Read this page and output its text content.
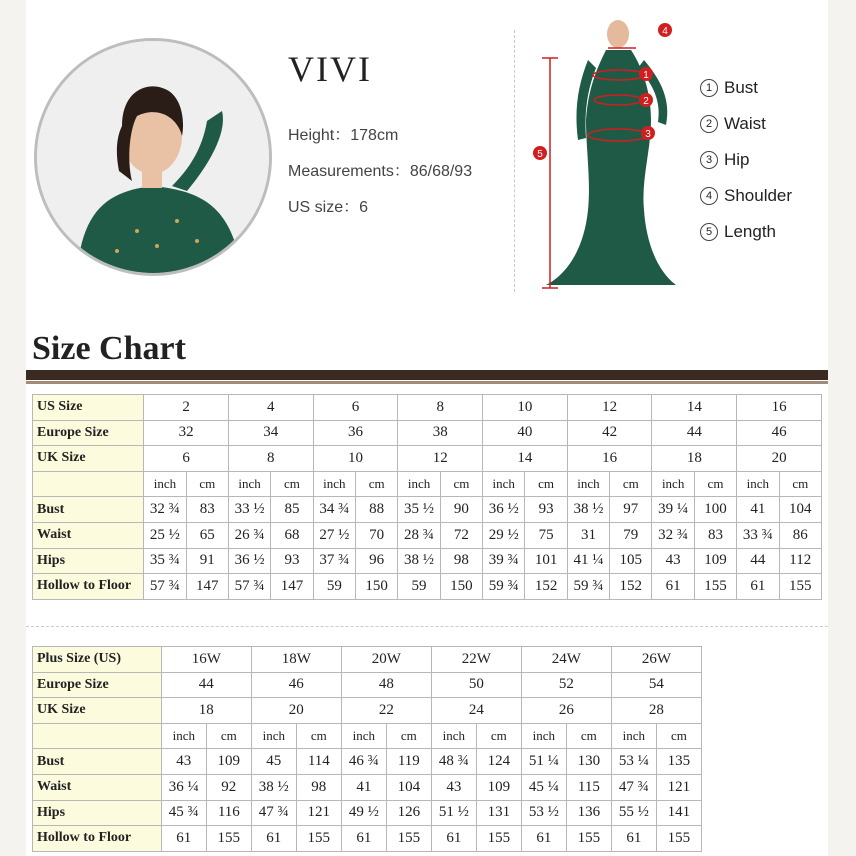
VIVI
Height：178cm
Measurements：86/68/93
US size：6
5
4
1
2
3
1 Bust
2 Waist
3 Hip
4 Shoulder
5 Length
Size Chart
US Size	2		4		6		8		10		12		14		16	
Europe Size	32		34		36		38		40		42		44		46	
UK Size	6		8		10		12		14		16		18		20	
	inch	cm	inch	cm	inch	cm	inch	cm	inch	cm	inch	cm	inch	cm	inch	cm
Bust	32 ¾	83	33 ½	85	34 ¾	88	35 ½	90	36 ½	93	38 ½	97	39 ¼	100	41	104
Waist	25 ½	65	26 ¾	68	27 ½	70	28 ¾	72	29 ½	75	31	79	32 ¾	83	33 ¾	86
Hips	35 ¾	91	36 ½	93	37 ¾	96	38 ½	98	39 ¾	101	41 ¼	105	43	109	44	112
Hollow to Floor	57 ¾	147	57 ¾	147	59	150	59	150	59 ¾	152	59 ¾	152	61	155	61	155
Plus Size (US)	16W		18W		20W		22W		24W		26W	
Europe Size	44		46		48		50		52		54	
UK Size	18		20		22		24		26		28	
	inch	cm	inch	cm	inch	cm	inch	cm	inch	cm	inch	cm
Bust	43	109	45	114	46 ¾	119	48 ¾	124	51 ¼	130	53 ¼	135
Waist	36 ¼	92	38 ½	98	41	104	43	109	45 ¼	115	47 ¾	121
Hips	45 ¾	116	47 ¾	121	49 ½	126	51 ½	131	53 ½	136	55 ½	141
Hollow to Floor	61	155	61	155	61	155	61	155	61	155	61	155
